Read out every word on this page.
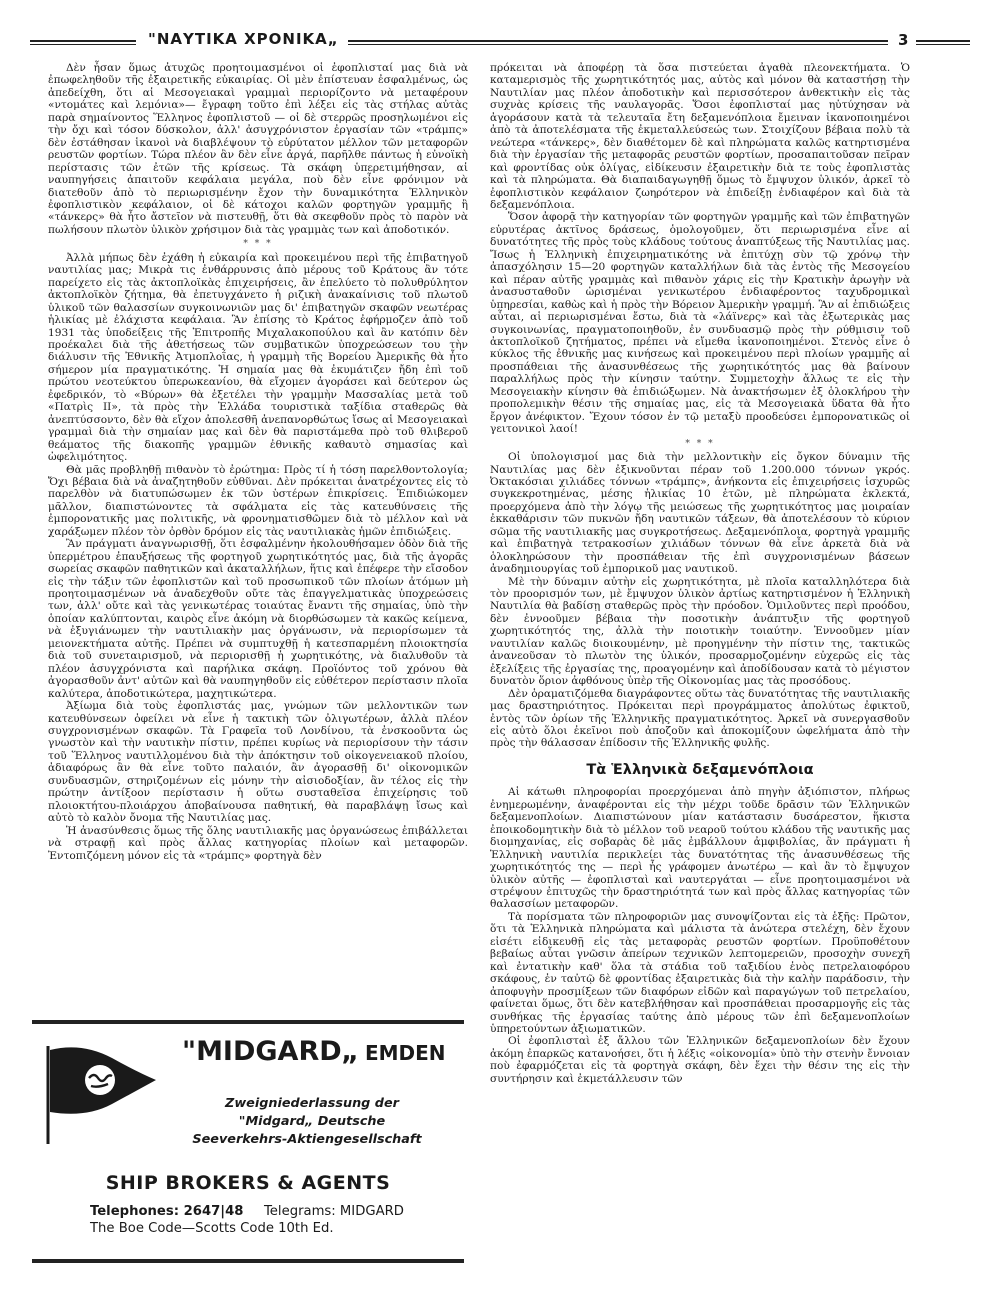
"ΝΑΥΤΙΚΑ ΧΡΟΝΙΚΑ„	3

Δὲν ἦσαν ὅμως ἀτυχῶς προητοιμασμένοι οἱ ἐφοπλισταί μας διὰ νὰ ἐπωφεληθοῦν τῆς ἐξαιρετικῆς εὐκαιρίας. Οἱ μὲν ἐπίστευαν ἐσφαλμένως, ὡς ἀπεδείχθη, ὅτι αἱ Μεσογειακαὶ γραμμαὶ περιορίζοντο νὰ μεταφέρουν «ντομάτες καὶ λεμόνια»— ἔγραφη τοῦτο ἐπὶ λέξει εἰς τὰς στήλας αὐτὰς παρὰ σημαίνοντος Ἕλληνος ἐφοπλιστοῦ — οἱ δὲ στερρῶς προσηλωμένοι εἰς τὴν ὄχι καὶ τόσον δύσκολον, ἀλλ' ἀσυγχρόνιστον ἐργασίαν τῶν «τράμπς» δὲν ἐστάθησαν ἱκανοὶ νὰ διαβλέψουν τὸ εὐρύτατον μέλλον τῶν μεταφορῶν ρευστῶν φορτίων. Τώρα πλέον ἂν δὲν εἶνε ἀργά, παρῆλθε πάντως ἡ εὐνοϊκὴ περίστασις τῶν ἐτῶν τῆς κρίσεως. Τὰ σκάφη ὑπερετιμήθησαν, αἱ ναυπηγήσεις ἀπαιτοῦν κεφάλαια μεγάλα, ποὺ δὲν εἶνε φρόνιμον νὰ διατεθοῦν ἀπὸ τὸ περιωρισμένην ἔχον τὴν δυναμικότητα Ἑλληνικὸν ἐφοπλιστικὸν κεφάλαιον, οἱ δὲ κάτοχοι καλῶν φορτηγῶν γραμμῆς ἢ «τάνκερς» θὰ ἦτο ἄστεῖον νὰ πιστευθῇ, ὅτι θὰ σκεφθοῦν πρὸς τὸ παρὸν νὰ πωλήσουν πλωτὸν ὑλικὸν χρήσιμον διὰ τὰς γραμμὰς των καὶ ἀποδοτικόν.

* * *

Ἀλλὰ μήπως δὲν ἐχάθη ἡ εὐκαιρία καὶ προκειμένου περὶ τῆς ἐπιβατηγοῦ ναυτιλίας μας; Μικρὰ τις ἐνθάρρυνσις ἀπὸ μέρους τοῦ Κράτους ἂν τότε παρείχετο εἰς τὰς ἀκτοπλοϊκὰς ἐπιχειρήσεις, ἂν ἐπελύετο τὸ πολυθρύλητον ἀκτοπλοϊκὸν ζήτημα, θὰ ἐπετυγχάνετο ἡ ριζικὴ ἀνακαίνισις τοῦ πλωτοῦ ὑλικοῦ τῶν θαλασσίων συγκοινωνιῶν μας δι' ἐπιβατηγῶν σκαφῶν νεωτέρας ἡλικίας μὲ ἐλάχιστα κεφάλαια. Ἂν ἐπίσης τὸ Κράτος ἐφήρμοζεν ἀπὸ τοῦ 1931 τὰς ὑποδείξεις τῆς Ἐπιτροπῆς Μιχαλακοπούλου καὶ ἂν κατόπιν δὲν προέκαλει διὰ τῆς ἀθετήσεως τῶν συμβατικῶν ὑποχρεώσεων του τὴν διάλυσιν τῆς Ἐθνικῆς Ἀτμοπλοΐας, ἡ γραμμὴ τῆς Βορείου Ἀμερικῆς θὰ ἦτο σήμερον μία πραγματικότης. Ἡ σημαία μας θὰ ἐκυμάτιζεν ἤδη ἐπὶ τοῦ πρώτου νεοτεύκτου ὑπερωκεανίου, θὰ εἴχομεν ἀγοράσει καὶ δεύτερον ὡς ἐφεδρικόν, τὸ «Βύρων» θὰ ἐξετέλει τὴν γραμμὴν Μασσαλίας μετὰ τοῦ «Πατρὶς ΙΙ», τὰ πρὸς τὴν Ἑλλάδα τουριστικὰ ταξίδια σταθερῶς θὰ ἀνεπτύσσοντο, δὲν θὰ εἴχον ἀπολεσθῆ ἀνεπανορθώτως ἴσως αἱ Μεσογειακαὶ γραμμαὶ διὰ τὴν σημαίαν μας καὶ δὲν θὰ παριστάμεθα πρὸ τοῦ θλιβεροῦ θεάματος τῆς διακοπῆς γραμμῶν ἐθνικῆς καθαυτὸ σημασίας καὶ ὠφελιμότητος.

Θὰ μᾶς προβληθῇ πιθανὸν τὸ ἐρώτημα: Πρὸς τί ἡ τόση παρελθοντολογία; Ὄχι βέβαια διὰ νὰ ἀναζητηθοῦν εὐθῦναι. Δὲν πρόκειται ἀνατρέχοντες εἰς τὸ παρελθὸν νὰ διατυπώσωμεν ἐκ τῶν ὑστέρων ἐπικρίσεις. Ἐπιδιώκομεν μᾶλλον, διαπιστώνοντες τὰ σφάλματα εἰς τὰς κατευθύνσεις τῆς ἐμπορονατικῆς μας πολιτικῆς, νὰ φρονηματισθῶμεν διὰ τὸ μέλλον καὶ νὰ χαράξωμεν πλέον τὸν ὀρθὸν δρόμον εἰς τὰς ναυτιλιακὰς ἡμῶν ἐπιδιώξεις.

Ἂν πράγματι ἀναγνωρισθῇ, ὅτι ἐσφαλμένην ἠκολουθήσαμεν ὁδὸν διὰ τῆς ὑπερμέτρου ἐπαυξήσεως τῆς φορτηγοῦ χωρητικότητός μας, διὰ τῆς ἀγορᾶς σωρείας σκαφῶν παθητικῶν καὶ ἀκαταλλήλων, ἥτις καὶ ἐπέφερε τὴν εἴσοδον εἰς τὴν τάξιν τῶν ἐφοπλιστῶν καὶ τοῦ προσωπικοῦ τῶν πλοίων ἀτόμων μὴ προητοιμασμένων νὰ ἀναδεχθοῦν οὔτε τὰς ἐπαγγελματικὰς ὑποχρεώσεις των, ἀλλ' οὔτε καὶ τὰς γενικωτέρας τοιαύτας ἔναντι τῆς σημαίας, ὑπὸ τὴν ὁποίαν καλύπτονται, καιρὸς εἶνε ἀκόμη νὰ διορθώσωμεν τὰ κακῶς κείμενα, νὰ ἐξυγιάνωμεν τὴν ναυτιλιακὴν μας ὀργάνωσιν, νὰ περιορίσωμεν τὰ μειονεκτήματα αὐτῆς. Πρέπει νὰ συμπτυχθῇ ἡ κατεσπαρμένη πλοιοκτησία διὰ τοῦ συνεταιρισμοῦ, νὰ περιορισθῇ ἡ χωρητικότης, νὰ διαλυθοῦν τὰ πλέον ἀσυγχρόνιστα καὶ παρήλικα σκάφη. Προϊόντος τοῦ χρόνου θὰ ἀγορασθοῦν ἀντ' αὐτῶν καὶ θὰ ναυπηγηθοῦν εἰς εὐθέτερον περίστασιν πλοῖα καλύτερα, ἀποδοτικώτερα, μαχητικώτερα.

Ἀξίωμα διὰ τοὺς ἐφοπλιστάς μας, γνώμων τῶν μελλοντικῶν των κατευθύνσεων ὀφείλει νὰ εἶνε ἡ τακτικὴ τῶν ὀλιγωτέρων, ἀλλὰ πλέον συγχρονισμένων σκαφῶν. Τὰ Γραφεῖα τοῦ Λονδίνου, τὰ ἐνσκοοῦντα ὡς γνωστὸν καὶ τὴν ναυτικὴν πίστιν, πρέπει κυρίως νὰ περιορίσουν τὴν τάσιν τοῦ Ἕλληνος ναυτιλλομένου διὰ τὴν ἀπόκτησιν τοῦ οἰκογενειακοῦ πλοίου, ἀδιαφόρως ἂν θὰ εἶνε τοῦτο παλαιόν, ἂν ἀγορασθῇ δι' οἰκονομικῶν συνδυασμῶν, στηριζομένων εἰς μόνην τὴν αἰσιοδοξίαν, ἂν τέλος εἰς τὴν πρώτην ἀντίξοον περίστασιν ἡ οὕτω συσταθεῖσα ἐπιχείρησις τοῦ πλοιοκτήτου-πλοιάρχου ἀποβαίνουσα παθητική, θὰ παραβλάψῃ ἴσως καὶ αὐτὸ τὸ καλὸν ὄνομα τῆς Ναυτιλίας μας.

Ἡ ἀνασύνθεσις ὅμως τῆς ὅλης ναυτιλιακῆς μας ὀργανώσεως ἐπιβάλλεται νὰ στραφῇ καὶ πρὸς ἄλλας κατηγορίας πλοίων καὶ μεταφορῶν. Ἐντοπιζόμενη μόνον εἰς τὰ «τράμπς» φορτηγὰ δὲν

"MIDGARD„ EMDEN
Zweigniederlassung der
"Midgard„ Deutsche
Seeverkehrs-Aktiengesellschaft
SHIP BROKERS & AGENTS
Telephones: 2647|48 Telegrams: MIDGARD
The Boe Code—Scotts Code 10th Ed.

πρόκειται νὰ ἀποφέρῃ τὰ ὅσα πιστεύεται ἀγαθὰ πλεονεκτήματα. Ὁ καταμερισμὸς τῆς χωρητικότητός μας, αὐτὸς καὶ μόνον θὰ καταστήσῃ τὴν Ναυτιλίαν μας πλέον ἀποδοτικὴν καὶ περισσότερον ἀνθεκτικὴν εἰς τὰς συχνὰς κρίσεις τῆς ναυλαγορᾶς. Ὅσοι ἐφοπλισταί μας ηὐτύχησαν νὰ ἀγοράσουν κατὰ τὰ τελευταῖα ἔτη δεξαμενόπλοια ἔμειναν ἱκανοποιημένοι ἀπὸ τὰ ἀποτελέσματα τῆς ἐκμεταλλεύσεώς των. Στοιχίζουν βέβαια πολὺ τὰ νεώτερα «τάνκερς», δὲν διαθέτομεν δὲ καὶ πληρώματα καλῶς κατηρτισμένα διὰ τὴν ἐργασίαν τῆς μεταφορᾶς ρευστῶν φορτίων, προσαπαιτοῦσαν πεῖραν καὶ φροντίδας οὐκ ὀλίγας, εἰδίκευσιν ἐξαιρετικὴν διὰ τε τοὺς ἐφοπλιστὰς καὶ τὰ πληρώματα. Θὰ διαπαιδαγωγηθῇ ὅμως τὸ ἔμψυχον ὑλικόν, ἀρκεῖ τὸ ἐφοπλιστικὸν κεφάλαιον ζωηρότερον νὰ ἐπιδείξῃ ἐνδιαφέρον καὶ διὰ τὰ δεξαμενόπλοια.

Ὅσον ἀφορᾷ τὴν κατηγορίαν τῶν φορτηγῶν γραμμῆς καὶ τῶν ἐπιβατηγῶν εὐρυτέρας ἀκτῖνος δράσεως, ὁμολογοῦμεν, ὅτι περιωρισμένα εἶνε αἱ δυνατότητες τῆς πρὸς τοὺς κλάδους τούτους ἀναπτύξεως τῆς Ναυτιλίας μας. Ἴσως ἡ Ἑλληνικὴ ἐπιχειρηματικότης νὰ ἐπιτύχῃ σὺν τῷ χρόνῳ τὴν ἀπασχόλησιν 15—20 φορτηγῶν καταλλήλων διὰ τὰς ἐντὸς τῆς Μεσογείου καὶ πέραν αὐτῆς γραμμὰς καὶ πιθανὸν χάρις εἰς τὴν Κρατικὴν ἀρωγὴν νὰ ἀνασυσταθοῦν ὡρισμέναι γενικωτέρου ἐνδιαφέροντος ταχυδρομικαὶ ὑπηρεσίαι, καθὼς καὶ ἡ πρὸς τὴν Βόρειον Ἀμερικὴν γραμμή. Ἂν αἱ ἐπιδιώξεις αὗται, αἱ περιωρισμέναι ἔστω, διὰ τὰ «λάϊνερς» καὶ τὰς ἐξωτερικὰς μας συγκοινωνίας, πραγματοποιηθοῦν, ἐν συνδυασμῷ πρὸς τὴν ρύθμισιν τοῦ ἀκτοπλοϊκοῦ ζητήματος, πρέπει νὰ εἴμεθα ἱκανοποιημένοι. Στενὸς εἶνε ὁ κύκλος τῆς ἐθνικῆς μας κινήσεως καὶ προκειμένου περὶ πλοίων γραμμῆς αἱ προσπάθειαι τῆς ἀνασυνθέσεως τῆς χωρητικότητός μας θὰ βαίνουν παραλλήλως πρὸς τὴν κίνησιν ταύτην. Συμμετοχὴν ἄλλως τε εἰς τὴν Μεσογειακὴν κίνησιν θὰ ἐπιδιώξωμεν. Νὰ ἀνακτήσωμεν ἐξ ὁλοκλήρου τὴν προπολεμικὴν θέσιν τῆς σημαίας μας, εἰς τὰ Μεσογειακὰ ὕδατα θὰ ἦτο ἔργον ἀνέφικτον. Ἔχουν τόσον ἐν τῷ μεταξὺ προοδεύσει ἐμπορονατικῶς οἱ γειτονικοὶ λαοί!

* * *

Οἱ ὑπολογισμοί μας διὰ τὴν μελλοντικὴν εἰς ὄγκον δύναμιν τῆς Ναυτιλίας μας δὲν ἐξικνοῦνται πέραν τοῦ 1.200.000 τόννων γκρός. Ὀκτακόσιαι χιλιάδες τόννων «τράμπς», ἀνήκοντα εἰς ἐπιχειρήσεις ἰσχυρῶς συγκεκροτημένας, μέσης ἡλικίας 10 ἐτῶν, μὲ πληρώματα ἐκλεκτά, προερχόμενα ἀπὸ τὴν λόγῳ τῆς μειώσεως τῆς χωρητικότητος μας μοιραίαν ἐκκαθάρισιν τῶν πυκνῶν ἤδη ναυτικῶν τάξεων, θὰ ἀποτελέσουν τὸ κύριον σῶμα τῆς ναυτιλιακῆς μας συγκροτήσεως. Δεξαμενόπλοια, φορτηγὰ γραμμῆς καὶ ἐπιβατηγὰ τετρακοσίων χιλιάδων τόννων θὰ εἶνε ἀρκετὰ διὰ νὰ ὁλοκληρώσουν τὴν προσπάθειαν τῆς ἐπὶ συγχρονισμένων βάσεων ἀναδημιουργίας τοῦ ἐμπορικοῦ μας ναυτικοῦ.

Μὲ τὴν δύναμιν αὐτὴν εἰς χωρητικότητα, μὲ πλοῖα καταλληλότερα διὰ τὸν προορισμόν των, μὲ ἔμψυχον ὑλικὸν ἀρτίως κατηρτισμένον ἡ Ἑλληνικὴ Ναυτιλία θὰ βαδίσῃ σταθερῶς πρὸς τὴν πρόοδον. Ὁμιλοῦντες περὶ προόδου, δὲν ἐννοοῦμεν βέβαια τὴν ποσοτικὴν ἀνάπτυξιν τῆς φορτηγοῦ χωρητικότητός της, ἀλλὰ τὴν ποιοτικὴν τοιαύτην. Ἐννοοῦμεν μίαν ναυτιλίαν καλῶς διοικουμένην, μὲ προηγμένην τὴν πίστιν της, τακτικῶς ἀνανεοῦσαν τὸ πλωτὸν της ὑλικόν, προσαρμοζομένην εὐχερῶς εἰς τὰς ἐξελίξεις τῆς ἐργασίας της, προαγομένην καὶ ἀποδίδουσαν κατὰ τὸ μέγιστον δυνατὸν ὅριον ἀφθόνους ὑπὲρ τῆς Οἰκονομίας μας τὰς προσόδους.

Δὲν ὁραματιζόμεθα διαγράφοντες οὕτω τὰς δυνατότητας τῆς ναυτιλιακῆς μας δραστηριότητος. Πρόκειται περὶ προγράμματος ἀπολύτως ἐφικτοῦ, ἐντὸς τῶν ὁρίων τῆς Ἑλληνικῆς πραγματικότητος. Ἀρκεῖ νὰ συνεργασθοῦν εἰς αὐτὸ ὅλοι ἐκεῖνοι ποὺ ἀποζοῦν καὶ ἀποκομίζουν ὠφελήματα ἀπὸ τὴν πρὸς τὴν θάλασσαν ἐπίδοσιν τῆς Ἑλληνικῆς φυλῆς.

Τὰ Ἑλληνικὰ δεξαμενόπλοια

Αἱ κάτωθι πληροφορίαι προερχόμεναι ἀπὸ πηγὴν ἀξιόπιστον, πλήρως ἐνημερωμένην, ἀναφέρονται εἰς τὴν μέχρι τοῦδε δρᾶσιν τῶν Ἑλληνικῶν δεξαμενοπλοίων. Διαπιστώνουν μίαν κατάστασιν δυσάρεστον, ἥκιστα ἐποικοδομητικὴν διὰ τὸ μέλλον τοῦ νεαροῦ τούτου κλάδου τῆς ναυτικῆς μας διομηχανίας, εἰς σοβαρὰς δὲ μᾶς ἐμβάλλουν ἀμφιβολίας, ἂν πράγματι ἡ Ἑλληνικὴ ναυτιλία περικλείει τὰς δυνατότητας τῆς ἀνασυνθέσεως τῆς χωρητικότητός της — περὶ ἧς γράφομεν ἀνωτέρω — καὶ ἂν τὸ ἔμψυχον ὑλικὸν αὐτῆς — ἐφοπλισταὶ καὶ ναυτεργάται — εἶνε προητοιμασμένοι νὰ στρέψουν ἐπιτυχῶς τὴν δραστηριότητά των καὶ πρὸς ἄλλας κατηγορίας τῶν θαλασσίων μεταφορῶν.

Τὰ πορίσματα τῶν πληροφοριῶν μας συνοψίζονται εἰς τὰ ἑξῆς: Πρῶτον, ὅτι τὰ Ἑλληνικὰ πληρώματα καὶ μάλιστα τὰ ἀνώτερα στελέχη, δὲν ἔχουν εἰσέτι εἰδικευθῇ εἰς τὰς μεταφορὰς ρευστῶν φορτίων. Προϋποθέτουν βεβαίως αὗται γνῶσιν ἀπείρων τεχνικῶν λεπτομερειῶν, προσοχὴν συνεχῆ καὶ ἐντατικὴν καθ' ὅλα τὰ στάδια τοῦ ταξιδίου ἑνὸς πετρελαιοφόρου σκάφους, ἐν ταὐτῷ δὲ φροντίδας ἐξαιρετικὰς διὰ τὴν καλὴν παράδοσιν, τὴν ἀποφυγὴν προσμίξεων τῶν διαφόρων εἰδῶν καὶ παραγώγων τοῦ πετρελαίου, φαίνεται ὅμως, ὅτι δὲν κατεβλήθησαν καὶ προσπάθειαι προσαρμογῆς εἰς τὰς συνθήκας τῆς ἐργασίας ταύτης ἀπὸ μέρους τῶν ἐπὶ δεξαμενοπλοίων ὑπηρετούντων ἀξιωματικῶν.

Οἱ ἐφοπλισταὶ ἐξ ἄλλου τῶν Ἑλληνικῶν δεξαμενοπλοίων δὲν ἔχουν ἀκόμη ἐπαρκῶς κατανοήσει, ὅτι ἡ λέξις «οἰκονομία» ὑπὸ τὴν στενὴν ἔννοιαν ποὺ ἐφαρμόζεται εἰς τὰ φορτηγὰ σκάφη, δὲν ἔχει τὴν θέσιν της εἰς τὴν συντήρησιν καὶ ἐκμετάλλευσιν τῶν
